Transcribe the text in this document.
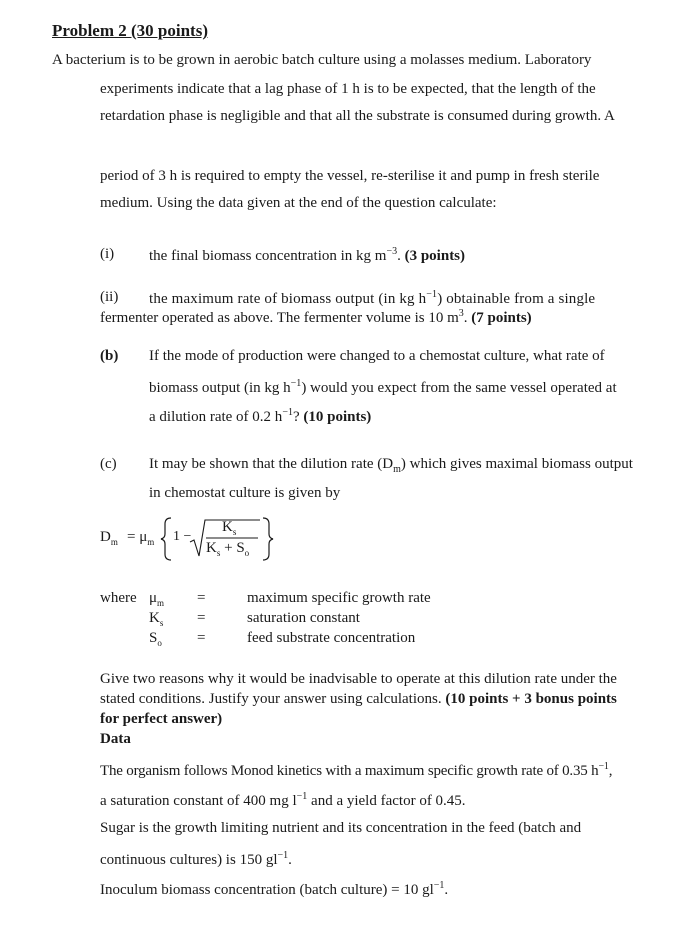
Problem 2 (30 points)
A bacterium is to be grown in aerobic batch culture using a molasses medium. Laboratory
experiments indicate that a lag phase of 1 h is to be expected, that the length of the
retardation phase is negligible and that all the substrate is consumed during growth. A
period of 3 h is required to empty the vessel, re-sterilise it and pump in fresh sterile
medium. Using the data given at the end of the question calculate:
(i) the final biomass concentration in kg $m^{-3}$. (3 points)
(ii) the maximum rate of biomass output (in kg $h^{-1}$) obtainable from a single
fermenter operated as above. The fermenter volume is 10 $m^3$. (7 points)
(b) If the mode of production were changed to a chemostat culture, what rate of
biomass output (in kg $h^{-1}$) would you expect from the same vessel operated at
a dilution rate of 0.2 $h^{-1}$? (10 points)
(c) It may be shown that the dilution rate $(D_m)$ which gives maximal biomass output
in chemostat culture is given by
$D_m = \mu_m$ 1 −
$K_s$
$K_s + S_o$
where $\mu_m$ =	maximum specific growth rate
$K_s$ =	saturation constant
$S_o$ =	feed substrate concentration
Give two reasons why it would be inadvisable to operate at this dilution rate under the
stated conditions. Justify your answer using calculations. (10 points + 3 bonus points
for perfect answer)
Data
The organism follows Monod kinetics with a maximum specific growth rate of 0.35 $h^{-1}$,
a saturation constant of 400 mg $l^{-1}$ and a yield factor of 0.45.
Sugar is the growth limiting nutrient and its concentration in the feed (batch and
continuous cultures) is 150 $gl^{-1}$.
Inoculum biomass concentration (batch culture) = 10 $gl^{-1}$.
